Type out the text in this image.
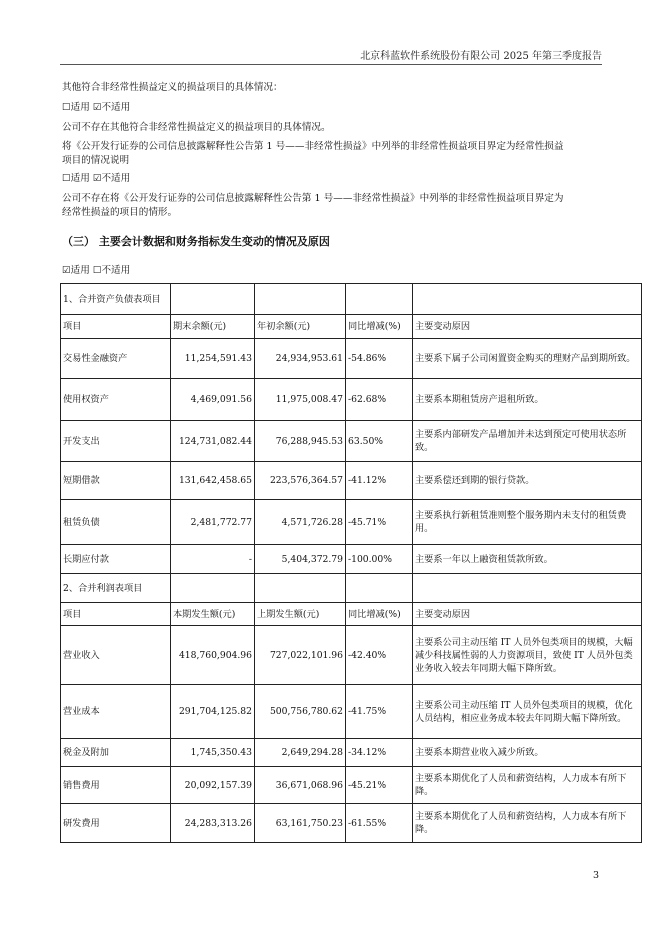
北京科蓝软件系统股份有限公司 2025 年第三季度报告
其他符合非经常性损益定义的损益项目的具体情况：
☐适用 ☑不适用
公司不存在其他符合非经常性损益定义的损益项目的具体情况。
将《公开发行证券的公司信息披露解释性公告第 1 号——非经常性损益》中列举的非经常性损益项目界定为经常性损益
项目的情况说明
☐适用 ☑不适用
公司不存在将《公开发行证券的公司信息披露解释性公告第 1 号——非经常性损益》中列举的非经常性损益项目界定为
经常性损益的项目的情形。
（三） 主要会计数据和财务指标发生变动的情况及原因
☑适用 ☐不适用
1、合并资产负债表项目				
项目	期末余额(元)	年初余额(元)	同比增减(%)	主要变动原因
交易性金融资产	11,254,591.43	24,934,953.61	-54.86%	主要系下属子公司闲置资金购买的理财产品到期所致。
使用权资产	4,469,091.56	11,975,008.47	-62.68%	主要系本期租赁房产退租所致。
开发支出	124,731,082.44	76,288,945.53	63.50%	主要系内部研发产品增加并未达到预定可使用状态所致。
短期借款	131,642,458.65	223,576,364.57	-41.12%	主要系偿还到期的银行贷款。
租赁负债	2,481,772.77	4,571,726.28	-45.71%	主要系执行新租赁准则整个服务期内未支付的租赁费用。
长期应付款	-	5,404,372.79	-100.00%	主要系一年以上融资租赁款所致。
2、合并利润表项目				
项目	本期发生额(元)	上期发生额(元)	同比增减(%)	主要变动原因
营业收入	418,760,904.96	727,022,101.96	-42.40%	主要系公司主动压缩 IT 人员外包类项目的规模，大幅减少科技属性弱的人力资源项目，致使 IT 人员外包类业务收入较去年同期大幅下降所致。
营业成本	291,704,125.82	500,756,780.62	-41.75%	主要系公司主动压缩 IT 人员外包类项目的规模，优化人员结构，相应业务成本较去年同期大幅下降所致。
税金及附加	1,745,350.43	2,649,294.28	-34.12%	主要系本期营业收入减少所致。
销售费用	20,092,157.39	36,671,068.96	-45.21%	主要系本期优化了人员和薪资结构，人力成本有所下降。
研发费用	24,283,313.26	63,161,750.23	-61.55%	主要系本期优化了人员和薪资结构，人力成本有所下降。
3
